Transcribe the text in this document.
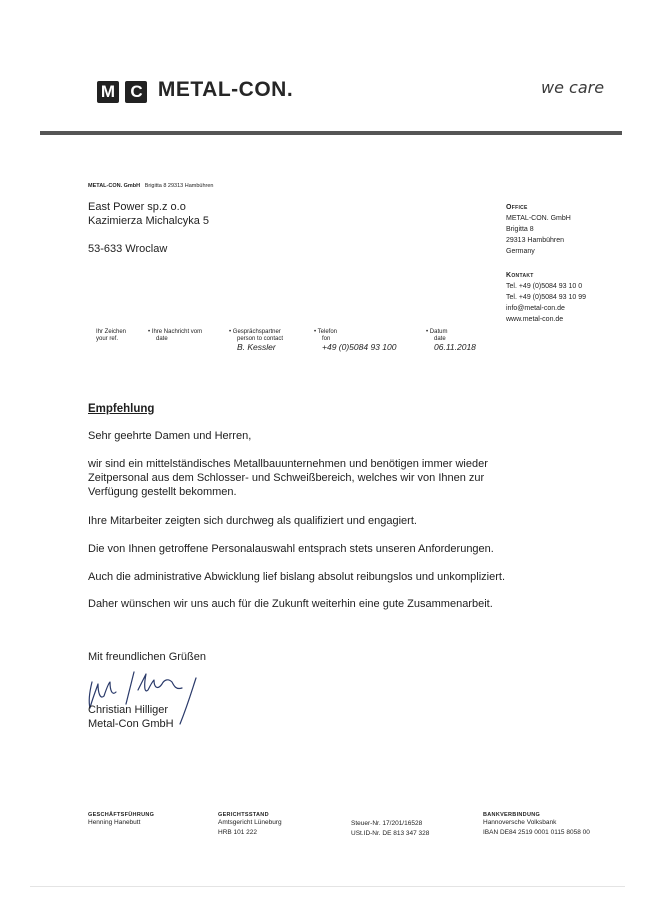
M C METAL-CON.	we care
METAL-CON. GmbH Brigitta 8 29313 Hambühren
East Power sp.z o.o
Kazimierza Michalcyka 5
53-633 Wroclaw
Office
METAL-CON. GmbH
Brigitta 8
29313 Hambühren
Germany
Kontakt
Tel. +49 (0)5084 93 10 0
Tel. +49 (0)5084 93 10 99
info@metal-con.de
www.metal-con.de
Ihr Zeichen
your ref.
• Ihre Nachricht vom
date
• Gesprächspartner
person to contact
B. Kessler
• Telefon
fon
+49 (0)5084 93 100
• Datum
date
06.11.2018
Empfehlung
Sehr geehrte Damen und Herren,
wir sind ein mittelständisches Metallbauunternehmen und benötigen immer wieder
Zeitpersonal aus dem Schlosser- und Schweißbereich, welches wir von Ihnen zur
Verfügung gestellt bekommen.
Ihre Mitarbeiter zeigten sich durchweg als qualifiziert und engagiert.
Die von Ihnen getroffene Personalauswahl entsprach stets unseren Anforderungen.
Auch die administrative Abwicklung lief bislang absolut reibungslos und unkompliziert.
Daher wünschen wir uns auch für die Zukunft weiterhin eine gute Zusammenarbeit.
Mit freundlichen Grüßen
Christian Hilliger
Metal-Con GmbH
GESCHÄFTSFÜHRUNG
Henning Hanebutt
GERICHTSSTAND
Amtsgericht Lüneburg
HRB 101 222
Steuer-Nr. 17/201/16528
USt.ID-Nr. DE 813 347 328
BANKVERBINDUNG
Hannoversche Volksbank
IBAN DE84 2519 0001 0115 8058 00
